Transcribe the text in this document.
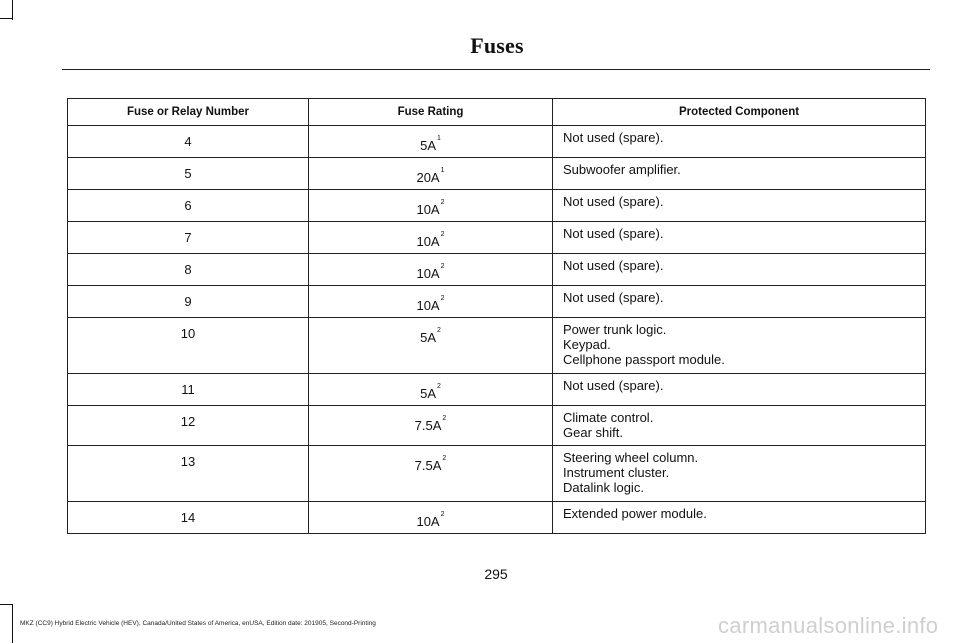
Fuses
Fuse or Relay Number	Fuse Rating	Protected Component
4	5A$^1$	Not used (spare).

5	20A$^1$	Subwoofer amplifier.

6	10A$^2$	Not used (spare).

7	10A$^2$	Not used (spare).

8	10A$^2$	Not used (spare).

9	10A$^2$	Not used (spare).

10	5A$^2$	Power trunk logic.
Keypad.
Cellphone passport module.

11	5A$^2$	Not used (spare).

12	7.5A$^2$	Climate control.
Gear shift.

13	7.5A$^2$	Steering wheel column.
Instrument cluster.
Datalink logic.

14	10A$^2$	Extended power module.
295
MKZ (CC9) Hybrid Electric Vehicle (HEV), Canada/United States of America, enUSA, Edition date: 201905, Second-Printing	carmanualsonline.info
